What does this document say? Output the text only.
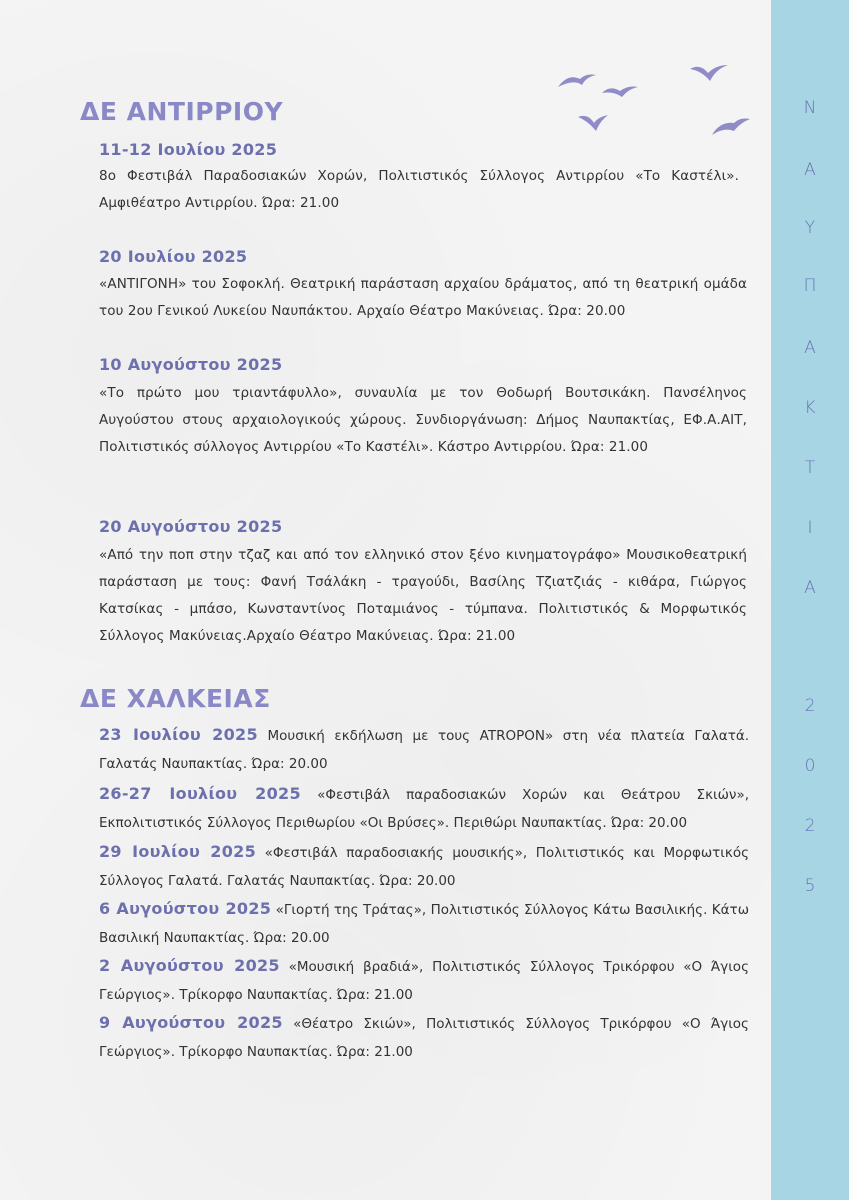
Ν
Α
Υ
Π
Α
Κ
Τ
Ι
Α
2
0
2
5
ΔΕ ΑΝΤΙΡΡΙΟΥ
11-12 Ιουλίου 2025

8ο Φεστιβάλ Παραδοσιακών Χορών, Πολιτιστικός Σύλλογος Αντιρρίου «Το Καστέλι». Αμφιθέατρο Αντιρρίου. Ώρα: 21.00

20 Ιουλίου 2025

«ΑΝΤΙΓΟΝΗ» του Σοφοκλή. Θεατρική παράσταση αρχαίου δράματος, από τη θεατρική ομάδα του 2ου Γενικού Λυκείου Ναυπάκτου. Αρχαίο Θέατρο Μακύνειας. Ώρα: 20.00

10 Αυγούστου 2025

«Το πρώτο μου τριαντάφυλλο», συναυλία με τον Θοδωρή Βουτσικάκη. Πανσέληνος Αυγούστου στους αρχαιολογικούς χώρους. Συνδιοργάνωση: Δήμος Ναυπακτίας, ΕΦ.Α.ΑΙΤ, Πολιτιστικός σύλλογος Αντιρρίου «Το Καστέλι». Κάστρο Αντιρρίου. Ώρα: 21.00

20 Αυγούστου 2025

«Από την ποπ στην τζαζ και από τον ελληνικό στον ξένο κινηματογράφο» Μουσικοθεατρική παράσταση με τους: Φανή Τσάλάκη - τραγούδι, Βασίλης Τζιατζιάς - κιθάρα, Γιώργος Κατσίκας - μπάσο, Κωνσταντίνος Ποταμιάνος - τύμπανα. Πολιτιστικός & Μορφωτικός Σύλλογος Μακύνειας.Αρχαίο Θέατρο Μακύνειας. Ώρα: 21.00

ΔΕ ΧΑΛΚΕΙΑΣ

23 Ιουλίου 2025 Μουσική εκδήλωση με τους ATROPON» στη νέα πλατεία Γαλατά. Γαλατάς Ναυπακτίας. Ώρα: 20.00

26-27 Ιουλίου 2025 «Φεστιβάλ παραδοσιακών Χορών και Θεάτρου Σκιών», Εκπολιτιστικός Σύλλογος Περιθωρίου «Οι Βρύσες». Περιθώρι Ναυπακτίας. Ώρα: 20.00

29 Ιουλίου 2025 «Φεστιβάλ παραδοσιακής μουσικής», Πολιτιστικός και Μορφωτικός Σύλλογος Γαλατά. Γαλατάς Ναυπακτίας. Ώρα: 20.00

6 Αυγούστου 2025 «Γιορτή της Τράτας», Πολιτιστικός Σύλλογος Κάτω Βασιλικής. Κάτω Βασιλική Ναυπακτίας. Ώρα: 20.00

2 Αυγούστου 2025 «Μουσική βραδιά», Πολιτιστικός Σύλλογος Τρικόρφου «Ο Άγιος Γεώργιος». Τρίκορφο Ναυπακτίας. Ώρα: 21.00

9 Αυγούστου 2025 «Θέατρο Σκιών», Πολιτιστικός Σύλλογος Τρικόρφου «Ο Άγιος Γεώργιος». Τρίκορφο Ναυπακτίας. Ώρα: 21.00
